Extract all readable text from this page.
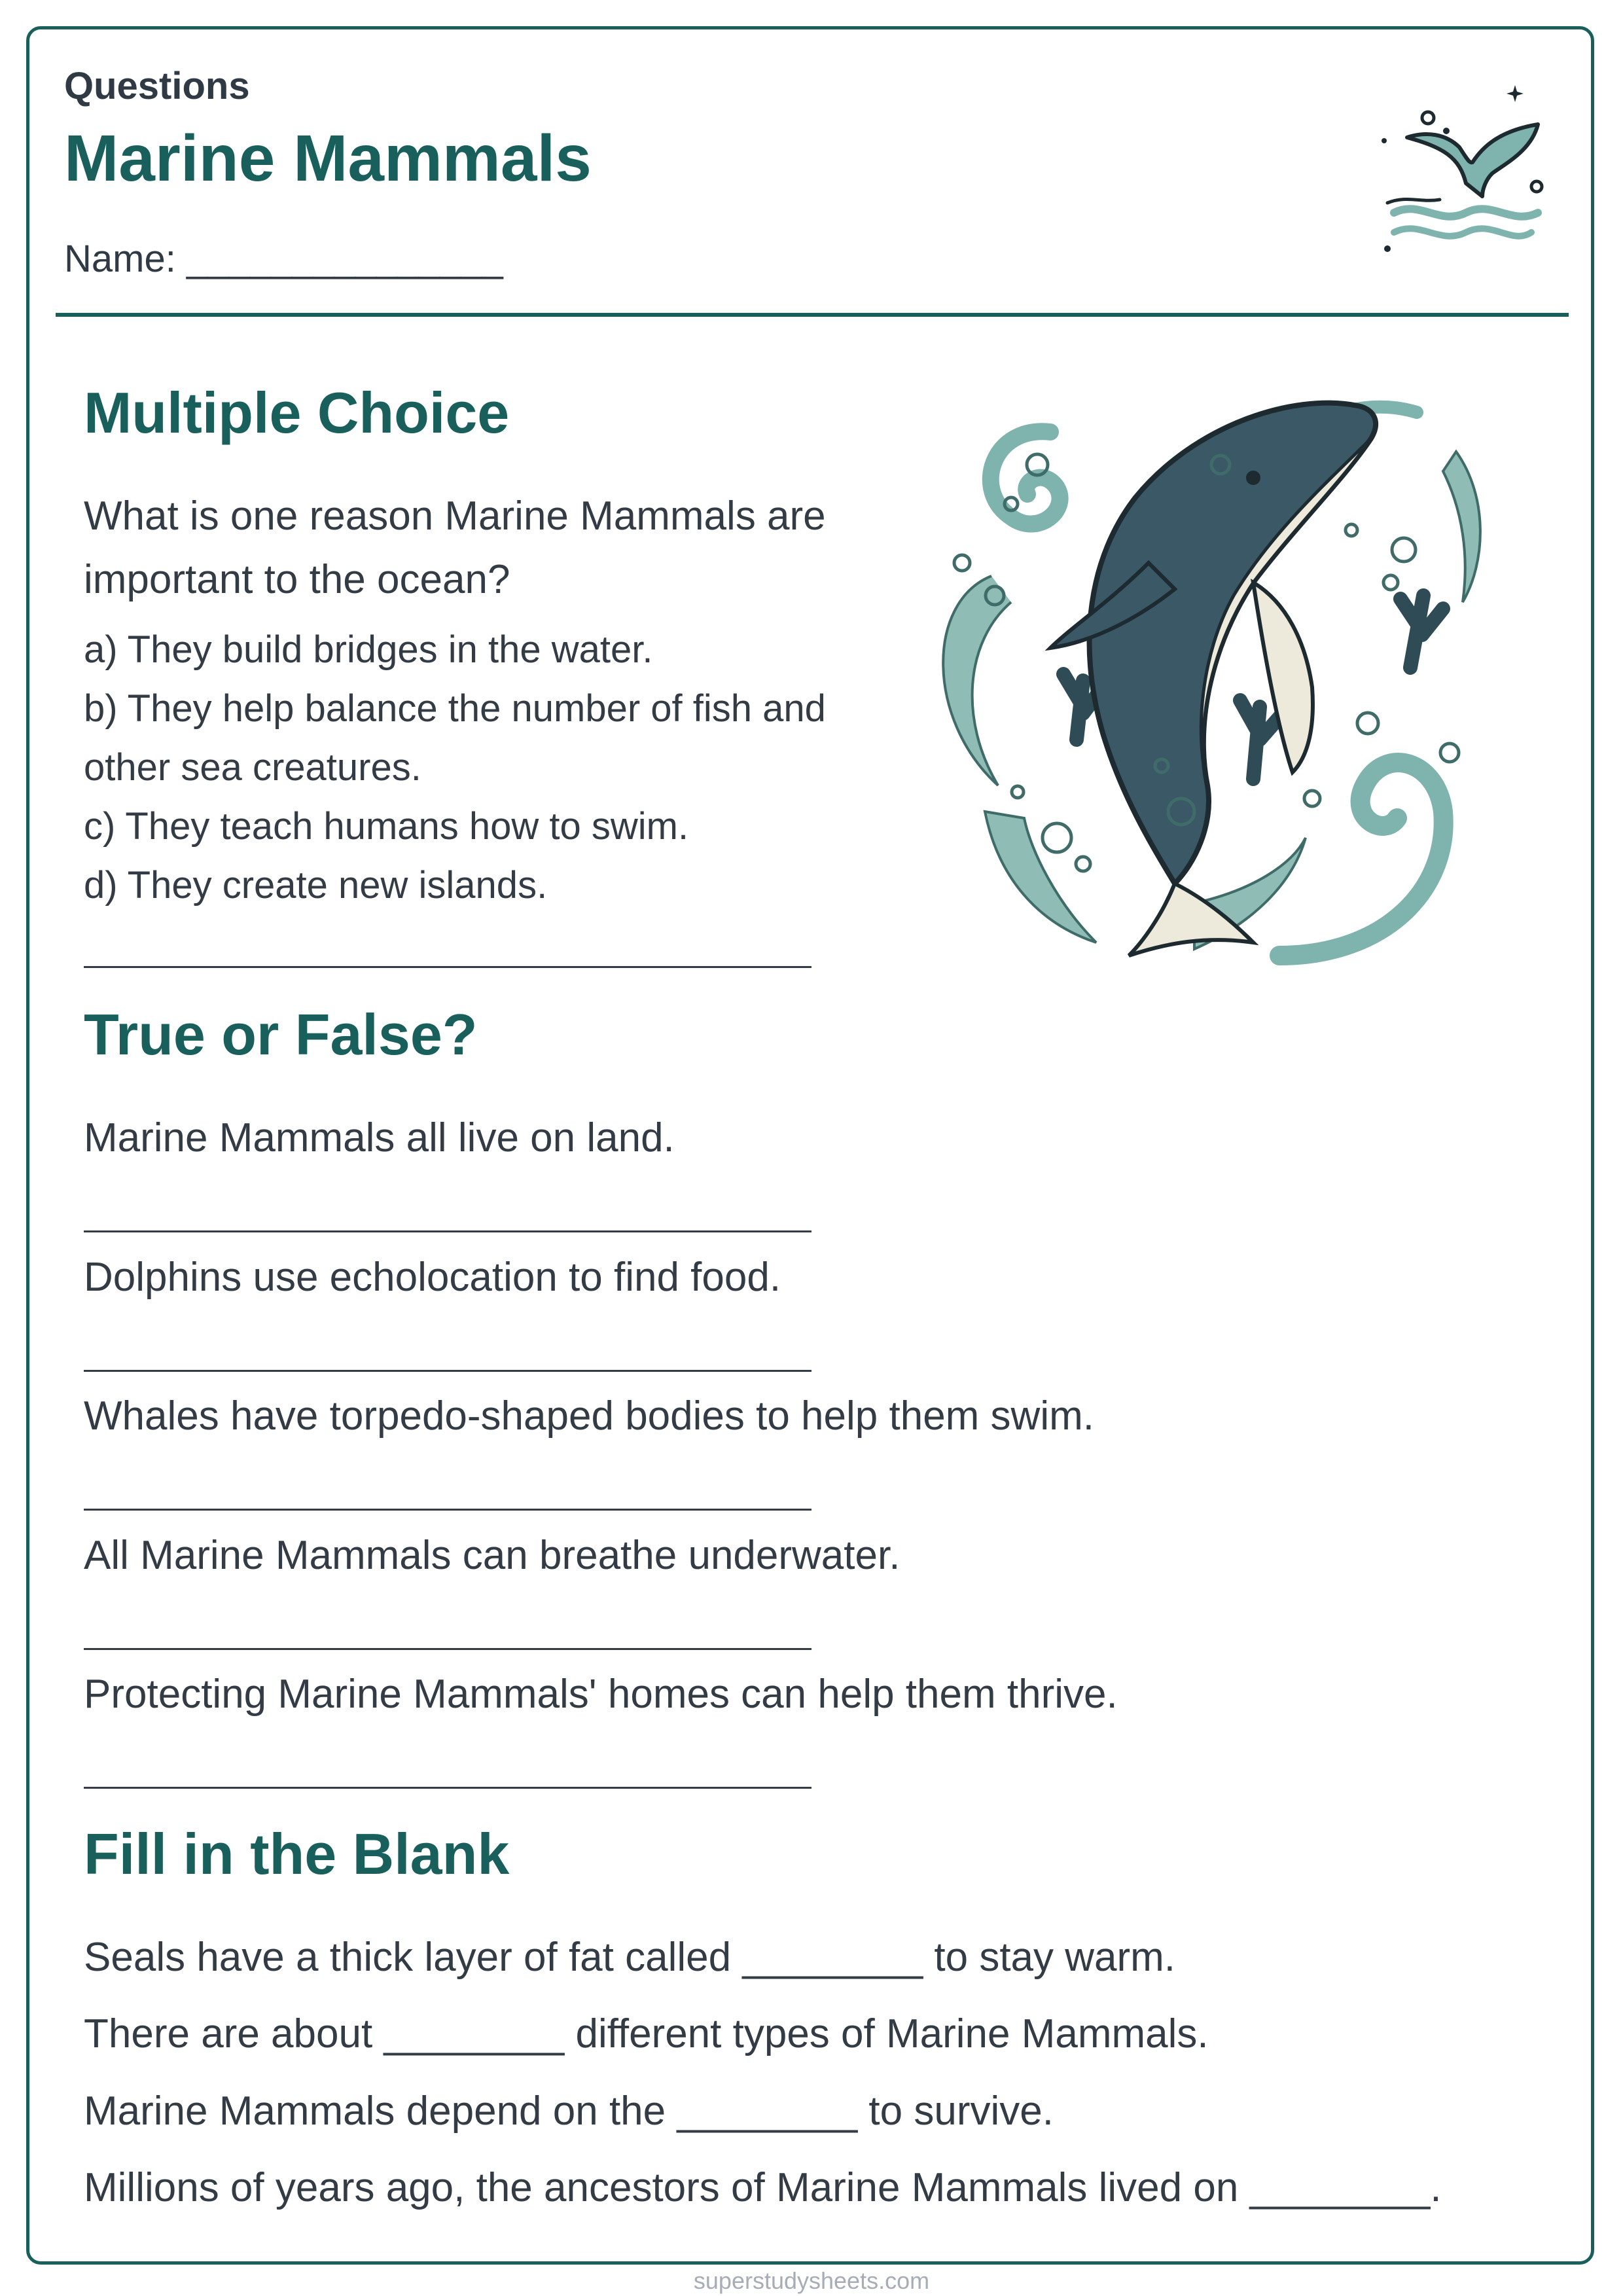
Questions
Marine Mammals
Name: _______________
Multiple Choice
What is one reason Marine Mammals are
important to the ocean?
a) They build bridges in the water.
b) They help balance the number of fish and other sea creatures.
c) They teach humans how to swim.
d) They create new islands.
True or False?
Marine Mammals all live on land.
Dolphins use echolocation to find food.
Whales have torpedo-shaped bodies to help them swim.
All Marine Mammals can breathe underwater.
Protecting Marine Mammals' homes can help them thrive.
Fill in the Blank
Seals have a thick layer of fat called ________ to stay warm.
There are about ________ different types of Marine Mammals.
Marine Mammals depend on the ________ to survive.
Millions of years ago, the ancestors of Marine Mammals lived on ________.
superstudysheets.com
